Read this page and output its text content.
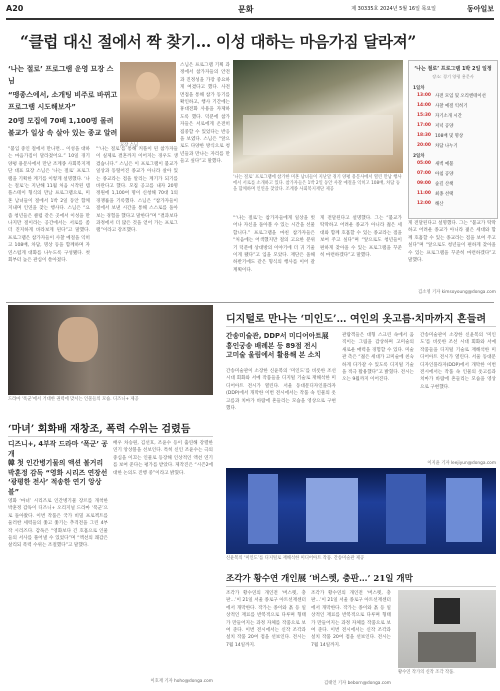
A20	문화	제 30335호 2024년 5월 16일 목요일	동아일보
“클럽 대신 절에서 짝 찾기… 이성 대하는 마음가짐 달라져”
‘나는 절로’ 프로그램 운영 묘장 스님
“맹종스에서, 소개팅 비주로 바뀌고 프로그램 시도해보자”
20명 모집에 70배 1,100명 몰려 불교가 일상 속 살아 있는 종교 알려
“불입 중인 절에서 만나면… 이성을 대하는 마음가짐이 달라졌어요.” 10일 경기 양평 용문사에서 만난 조계종 사회복지재단 대표 묘장 스님은 ‘나는 절로’ 프로그램을 기획한 계기를 이렇게 설명했다. ‘나는 절로’는 지난해 11월 처음 시작된 템플스테이 형식의 만남 프로그램으로, 미혼 남녀들이 절에서 1박 2일 동안 함께 지내며 인연을 찾는 행사다. 스님은 “요즘 청년들은 클럽 같은 곳에서 이성을 만나지만 절이라는 공간에서는 서로를 좀 더 진지하게 바라보게 된다”고 말했다. 프로그램은 참가자들이 사찰 예절을 익히고 108배, 차담, 명상 등을 함께하며 자연스럽게 대화를 나누도록 구성됐다. 첫 회부터 높은 관심이 쏟아졌다.
“‘나는 절로’를 통해 커플이 된 참가자들이 실제로 결혼까지 이어지는 경우도 생겼습니다.” 스님은 이 프로그램이 불교가 일상과 동떨어진 종교가 아니라 살아 있는 종교라는 점을 알리는 계기가 되기를 바란다고 했다. 모집 공고를 내자 20명 정원에 1,100여 명이 신청해 70대 1의 경쟁률을 기록했다. 스님은 “참가자들이 절에서 보낸 시간을 통해 스스로를 돌아보는 경험을 했다고 말한다”며 “결과보다 과정에서 더 많은 것을 얻어 가는 프로그램”이라고 강조했다.
묘장 스님
스님은 프로그램 기획 과정에서 참가자들의 안전과 진정성을 가장 중요하게 여겼다고 했다. 사전 면접을 통해 참가 동기를 확인하고, 행사 기간에는 휴대전화 사용을 자제하도록 했다. 덕분에 참가자들은 서로에게 온전히 집중할 수 있었다는 반응을 보였다. 스님은 “앞으로도 다양한 방식으로 청년들과 만나는 자리를 만들고 싶다”고 말했다.
‘나는 절로’ 프로그램에 참가한 미혼 남녀들이 지난달 경기 양평 용문사에서 열린 만남 행사에서 서로를 소개하고 있다. 참가자들은 1박 2일 동안 사찰 예절을 익히고 108배, 차담 등을 함께하며 인연을 찾았다. 조계종 사회복지재단 제공
‘나는 절로’ 프로그램 1박 2일 일정
장소: 경기 양평 용문사
1일차
2일차
13:00 사전 모임 및 오리엔테이션
14:00 사찰 예절 익히기
15:30 자기소개 시간
17:00 저녁 공양
18:30 108배 및 명상
20:00 차담 나누기
05:00 새벽 예불
07:00 아침 공양
09:00 숲길 산책
11:00 최종 선택
12:00 해산
“‘나는 절로’는 참가자들에게 일상을 벗어나 자신을 돌아볼 수 있는 시간을 선물합니다.” 프로그램을 마친 참가자들은 “처음에는 어색했지만 절의 고요한 분위기 덕분에 상대방의 이야기에 더 귀 기울이게 됐다”고 입을 모았다. 재단은 올해 하반기에도 같은 형식의 행사를 이어 갈 계획이다.
게 전달된다고 설명했다. 그는 “불교가 딱딱하고 어려운 종교가 아니라 젊은 세대와 함께 호흡할 수 있는 종교라는 점을 보여 주고 싶다”며 “앞으로도 청년들이 편하게 찾아올 수 있는 프로그램을 꾸준히 마련하겠다”고 말했다.
게 전달된다고 설명했다. 그는 “불교가 딱딱하고 어려운 종교가 아니라 젊은 세대와 함께 호흡할 수 있는 종교라는 점을 보여 주고 싶다”며 “앞으로도 청년들이 편하게 찾아올 수 있는 프로그램을 꾸준히 마련하겠다”고 말했다.
김소영 기자 kimsoyoung@donga.com
드라마 ‘폭군’에서 거대한 권력에 맞서는 인물들의 모습. 디즈니+ 제공
‘마녀’ 회화배 재창조, 폭력 수위는 검렸듬
디즈니+, 4부작 드라마 ‘폭군’ 공개
韓 첫 인간병기물의 액션 볼거리
박훈정 감독 “영화 시리즈 연장선 ‘광평한 전사’ 적송한 연기 앙상블”
영화 ‘마녀’ 시리즈로 인간병기물 장르를 개척한 박훈정 감독이 디즈니+ 오리지널 드라마 ‘폭군’으로 돌아왔다. 이번 작품은 국가 비밀 프로젝트를 둘러싼 세력들의 쫓고 쫓기는 추격전을 그린 4부작 시리즈다. 감독은 “영화보다 긴 호흡으로 인물들의 서사를 풀어낼 수 있었다”며 “액션의 쾌감은 살리되 폭력 수위는 조절했다”고 말했다.
배우 차승원, 김선호, 조윤수 등이 출연해 강렬한 연기 앙상블을 선보인다. 특히 신인 조윤수는 극의 중심을 이끄는 인물로 등장해 인상적인 액션 연기를 보여 준다는 평가를 받았다. 제작진은 “시즌2에 대한 논의도 진행 중”이라고 밝혔다.
이호재 기자 hoho@donga.com
디지털로 만나는 ‘미인도’… 여인의 옷고름·치마까지 흔들려
간송미술관, DDP서 미디어아트展
흥인궁송 배례본 등 89점 전시
고미술 울림에서 활용해 본 소치
간송미술관이 소장한 신윤복의 ‘미인도’를 비롯한 조선 시대 회화와 서예 작품들을 디지털 기술로 재해석한 미디어아트 전시가 열린다. 서울 동대문디자인플라자(DDP)에서 개막한 이번 전시에서는 작품 속 인물의 옷고름과 치마가 바람에 흔들리는 모습을 영상으로 구현했다.
관람객들은 대형 스크린 속에서 움직이는 그림을 감상하며 고미술의 새로운 매력을 경험할 수 있다. 미술관 측은 “젊은 세대가 고미술에 친숙하게 다가갈 수 있도록 디지털 기술을 적극 활용했다”고 밝혔다. 전시는 오는 9월까지 이어진다.
간송미술관이 소장한 신윤복의 ‘미인도’를 비롯한 조선 시대 회화와 서예 작품들을 디지털 기술로 재해석한 미디어아트 전시가 열린다. 서울 동대문디자인플라자(DDP)에서 개막한 이번 전시에서는 작품 속 인물의 옷고름과 치마가 바람에 흔들리는 모습을 영상으로 구현했다.
이지윤 기자 leejiyun@donga.com
신윤복의 ‘미인도’를 디지털로 재해석한 미디어아트 작품. 간송미술관 제공
조각가 황수연 개인展 ‘버스렛, 충판…’ 21일 개막
조각가 황수연의 개인전 ‘버스렛, 충판…’이 21일 서울 종로구 아트선재센터에서 개막한다. 작가는 종이와 흙 등 일상적인 재료를 반복적으로 다루며 형태가 만들어지는 과정 자체를 작품으로 보여 준다. 이번 전시에서는 신작 조각과 설치 작품 20여 점을 선보인다. 전시는 7월 14일까지.
조각가 황수연의 개인전 ‘버스렛, 충판…’이 21일 서울 종로구 아트선재센터에서 개막한다. 작가는 종이와 흙 등 일상적인 재료를 반복적으로 다루며 형태가 만들어지는 과정 자체를 작품으로 보여 준다. 이번 전시에서는 신작 조각과 설치 작품 20여 점을 선보인다. 전시는 7월 14일까지.
김태언 기자 beborn@donga.com
황수연 작가의 신작 조각 작품.
